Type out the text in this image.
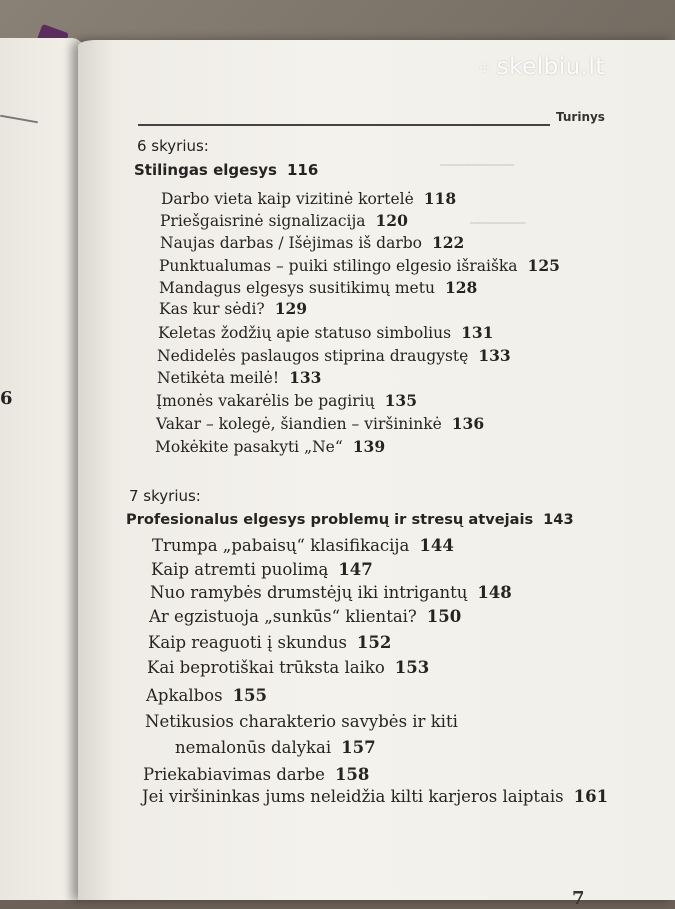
6
▁▁▁▁▁▁▁▁
▁▁▁▁▁▁
⁘ skelbiu.lt
Turinys
6 skyrius:
Stilingas elgesys 116
Darbo vieta kaip vizitinė kortelė 118
Priešgaisrinė signalizacija 120
Naujas darbas / Išėjimas iš darbo 122
Punktualumas – puiki stilingo elgesio išraiška 125
Mandagus elgesys susitikimų metu 128
Kas kur sėdi? 129
Keletas žodžių apie statuso simbolius 131
Nedidelės paslaugos stiprina draugystę 133
Netikėta meilė! 133
Įmonės vakarėlis be pagirių 135
Vakar – kolegė, šiandien – viršininkė 136
Mokėkite pasakyti „Ne“ 139
7 skyrius:
Profesionalus elgesys problemų ir stresų atvejais 143
Trumpa „pabaisų“ klasifikacija 144
Kaip atremti puolimą 147
Nuo ramybės drumstėjų iki intrigantų 148
Ar egzistuoja „sunkūs“ klientai? 150
Kaip reaguoti į skundus 152
Kai beprotiškai trūksta laiko 153
Apkalbos 155
Netikusios charakterio savybės ir kiti
nemalonūs dalykai 157
Priekabiavimas darbe 158
Jei viršininkas jums neleidžia kilti karjeros laiptais 161
7
